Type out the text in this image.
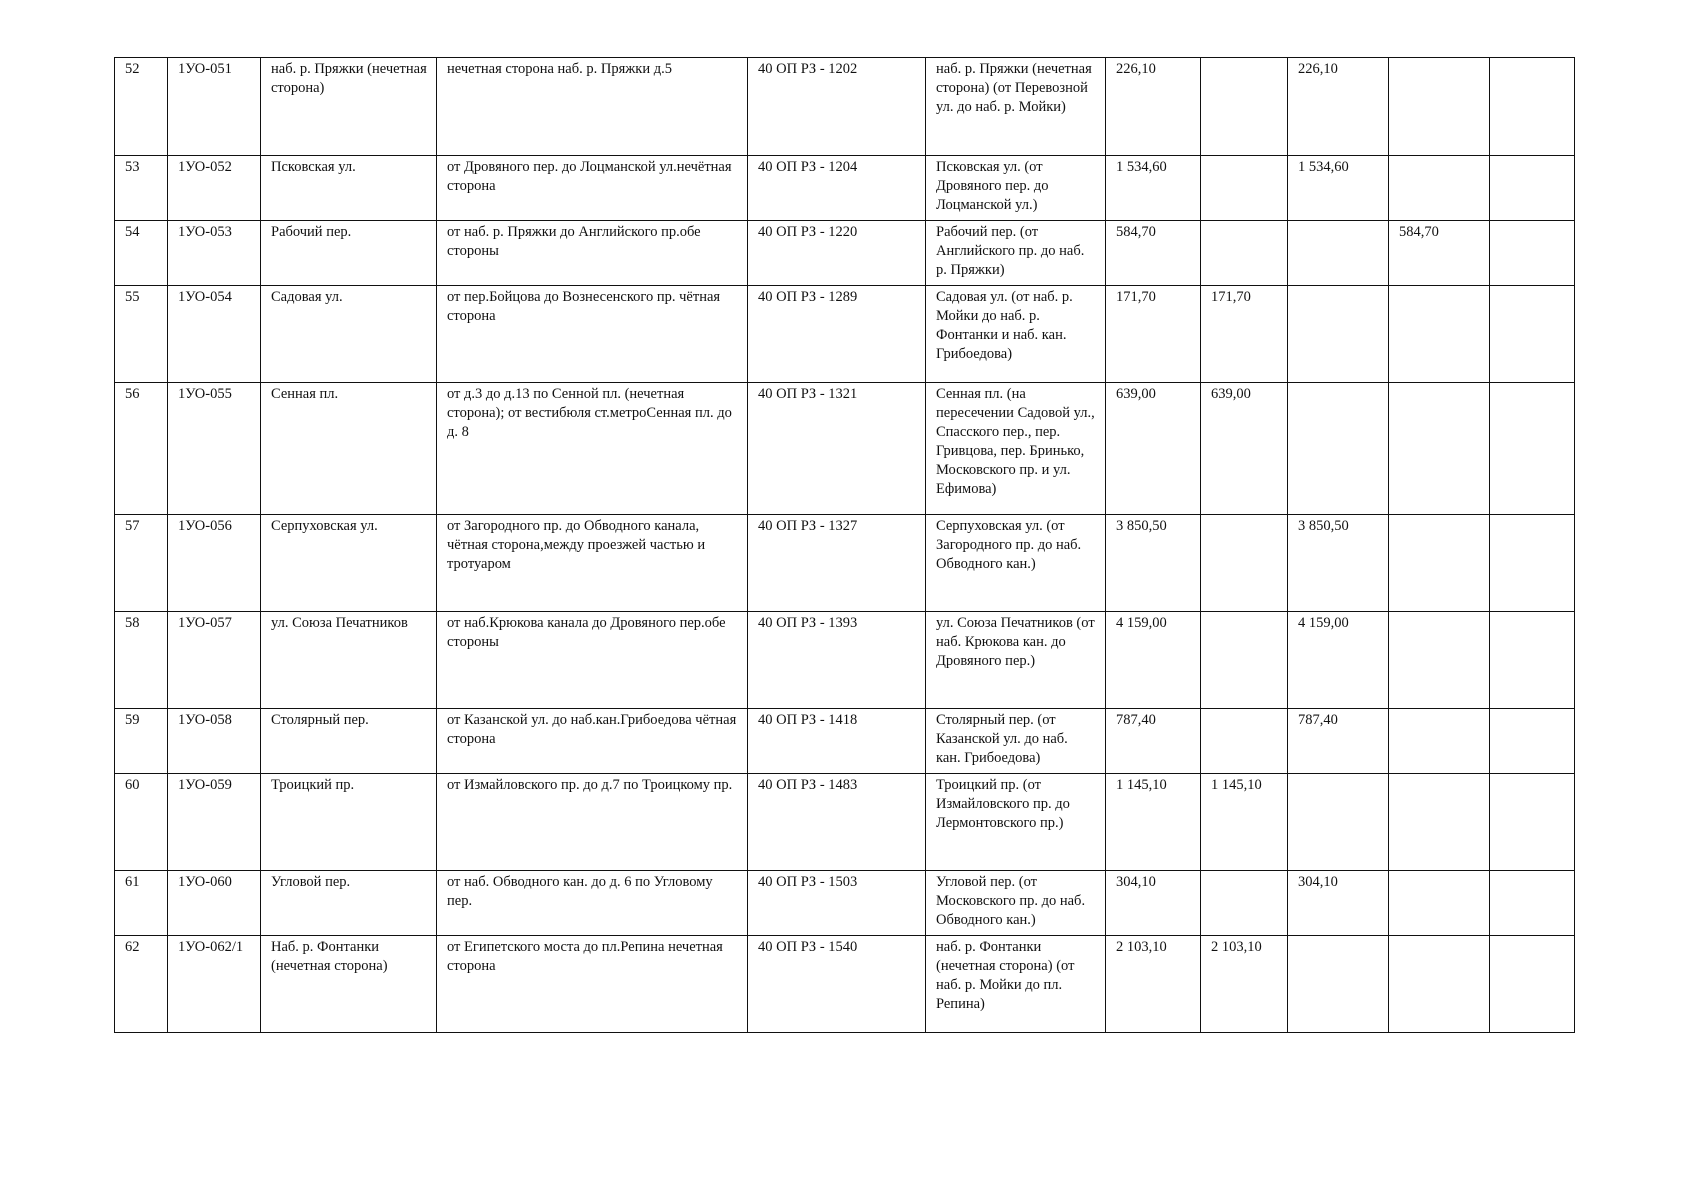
52	1УО-051	наб. р. Пряжки (нечетная сторона)	нечетная сторона наб. р. Пряжки д.5	40 ОП РЗ - 1202	наб. р. Пряжки (нечетная сторона) (от Перевозной ул. до наб. р. Мойки)	226,10		226,10		
53	1УО-052	Псковская ул.	от Дровяного пер. до Лоцманской ул.нечётная сторона	40 ОП РЗ - 1204	Псковская ул. (от Дровяного пер. до Лоцманской ул.)	1 534,60		1 534,60		
54	1УО-053	Рабочий пер.	от наб. р. Пряжки до Английского пр.обе стороны	40 ОП РЗ - 1220	Рабочий пер. (от Английского пр. до наб. р. Пряжки)	584,70			584,70	
55	1УО-054	Садовая ул.	от пер.Бойцова до Вознесенского пр. чётная сторона	40 ОП РЗ - 1289	Садовая ул. (от наб. р. Мойки до наб. р. Фонтанки и наб. кан. Грибоедова)	171,70	171,70			
56	1УО-055	Сенная пл.	от д.3 до д.13 по Сенной пл. (нечетная сторона); от вестибюля ст.метроСенная пл. до д. 8	40 ОП РЗ - 1321	Сенная пл. (на пересечении Садовой ул., Спасского пер., пер. Гривцова, пер. Бринько, Московского пр. и ул. Ефимова)	639,00	639,00			
57	1УО-056	Серпуховская ул.	от Загородного пр. до Обводного канала, чётная сторона,между проезжей частью и тротуаром	40 ОП РЗ - 1327	Серпуховская ул. (от Загородного пр. до наб. Обводного кан.)	3 850,50		3 850,50		
58	1УО-057	ул. Союза Печатников	от наб.Крюкова канала до Дровяного пер.обе стороны	40 ОП РЗ - 1393	ул. Союза Печатников (от наб. Крюкова кан. до Дровяного пер.)	4 159,00		4 159,00		
59	1УО-058	Столярный пер.	от Казанской ул. до наб.кан.Грибоедова чётная сторона	40 ОП РЗ - 1418	Столярный пер. (от Казанской ул. до наб. кан. Грибоедова)	787,40		787,40		
60	1УО-059	Троицкий пр.	от Измайловского пр. до д.7 по Троицкому пр.	40 ОП РЗ - 1483	Троицкий пр. (от Измайловского пр. до Лермонтовского пр.)	1 145,10	1 145,10			
61	1УО-060	Угловой пер.	от наб. Обводного кан. до д. 6 по Угловому пер.	40 ОП РЗ - 1503	Угловой пер. (от Московского пр. до наб. Обводного кан.)	304,10		304,10		
62	1УО-062/1	Наб. р. Фонтанки (нечетная сторона)	от Египетского моста до пл.Репина нечетная сторона	40 ОП РЗ - 1540	наб. р. Фонтанки (нечетная сторона) (от наб. р. Мойки до пл. Репина)	2 103,10	2 103,10			
